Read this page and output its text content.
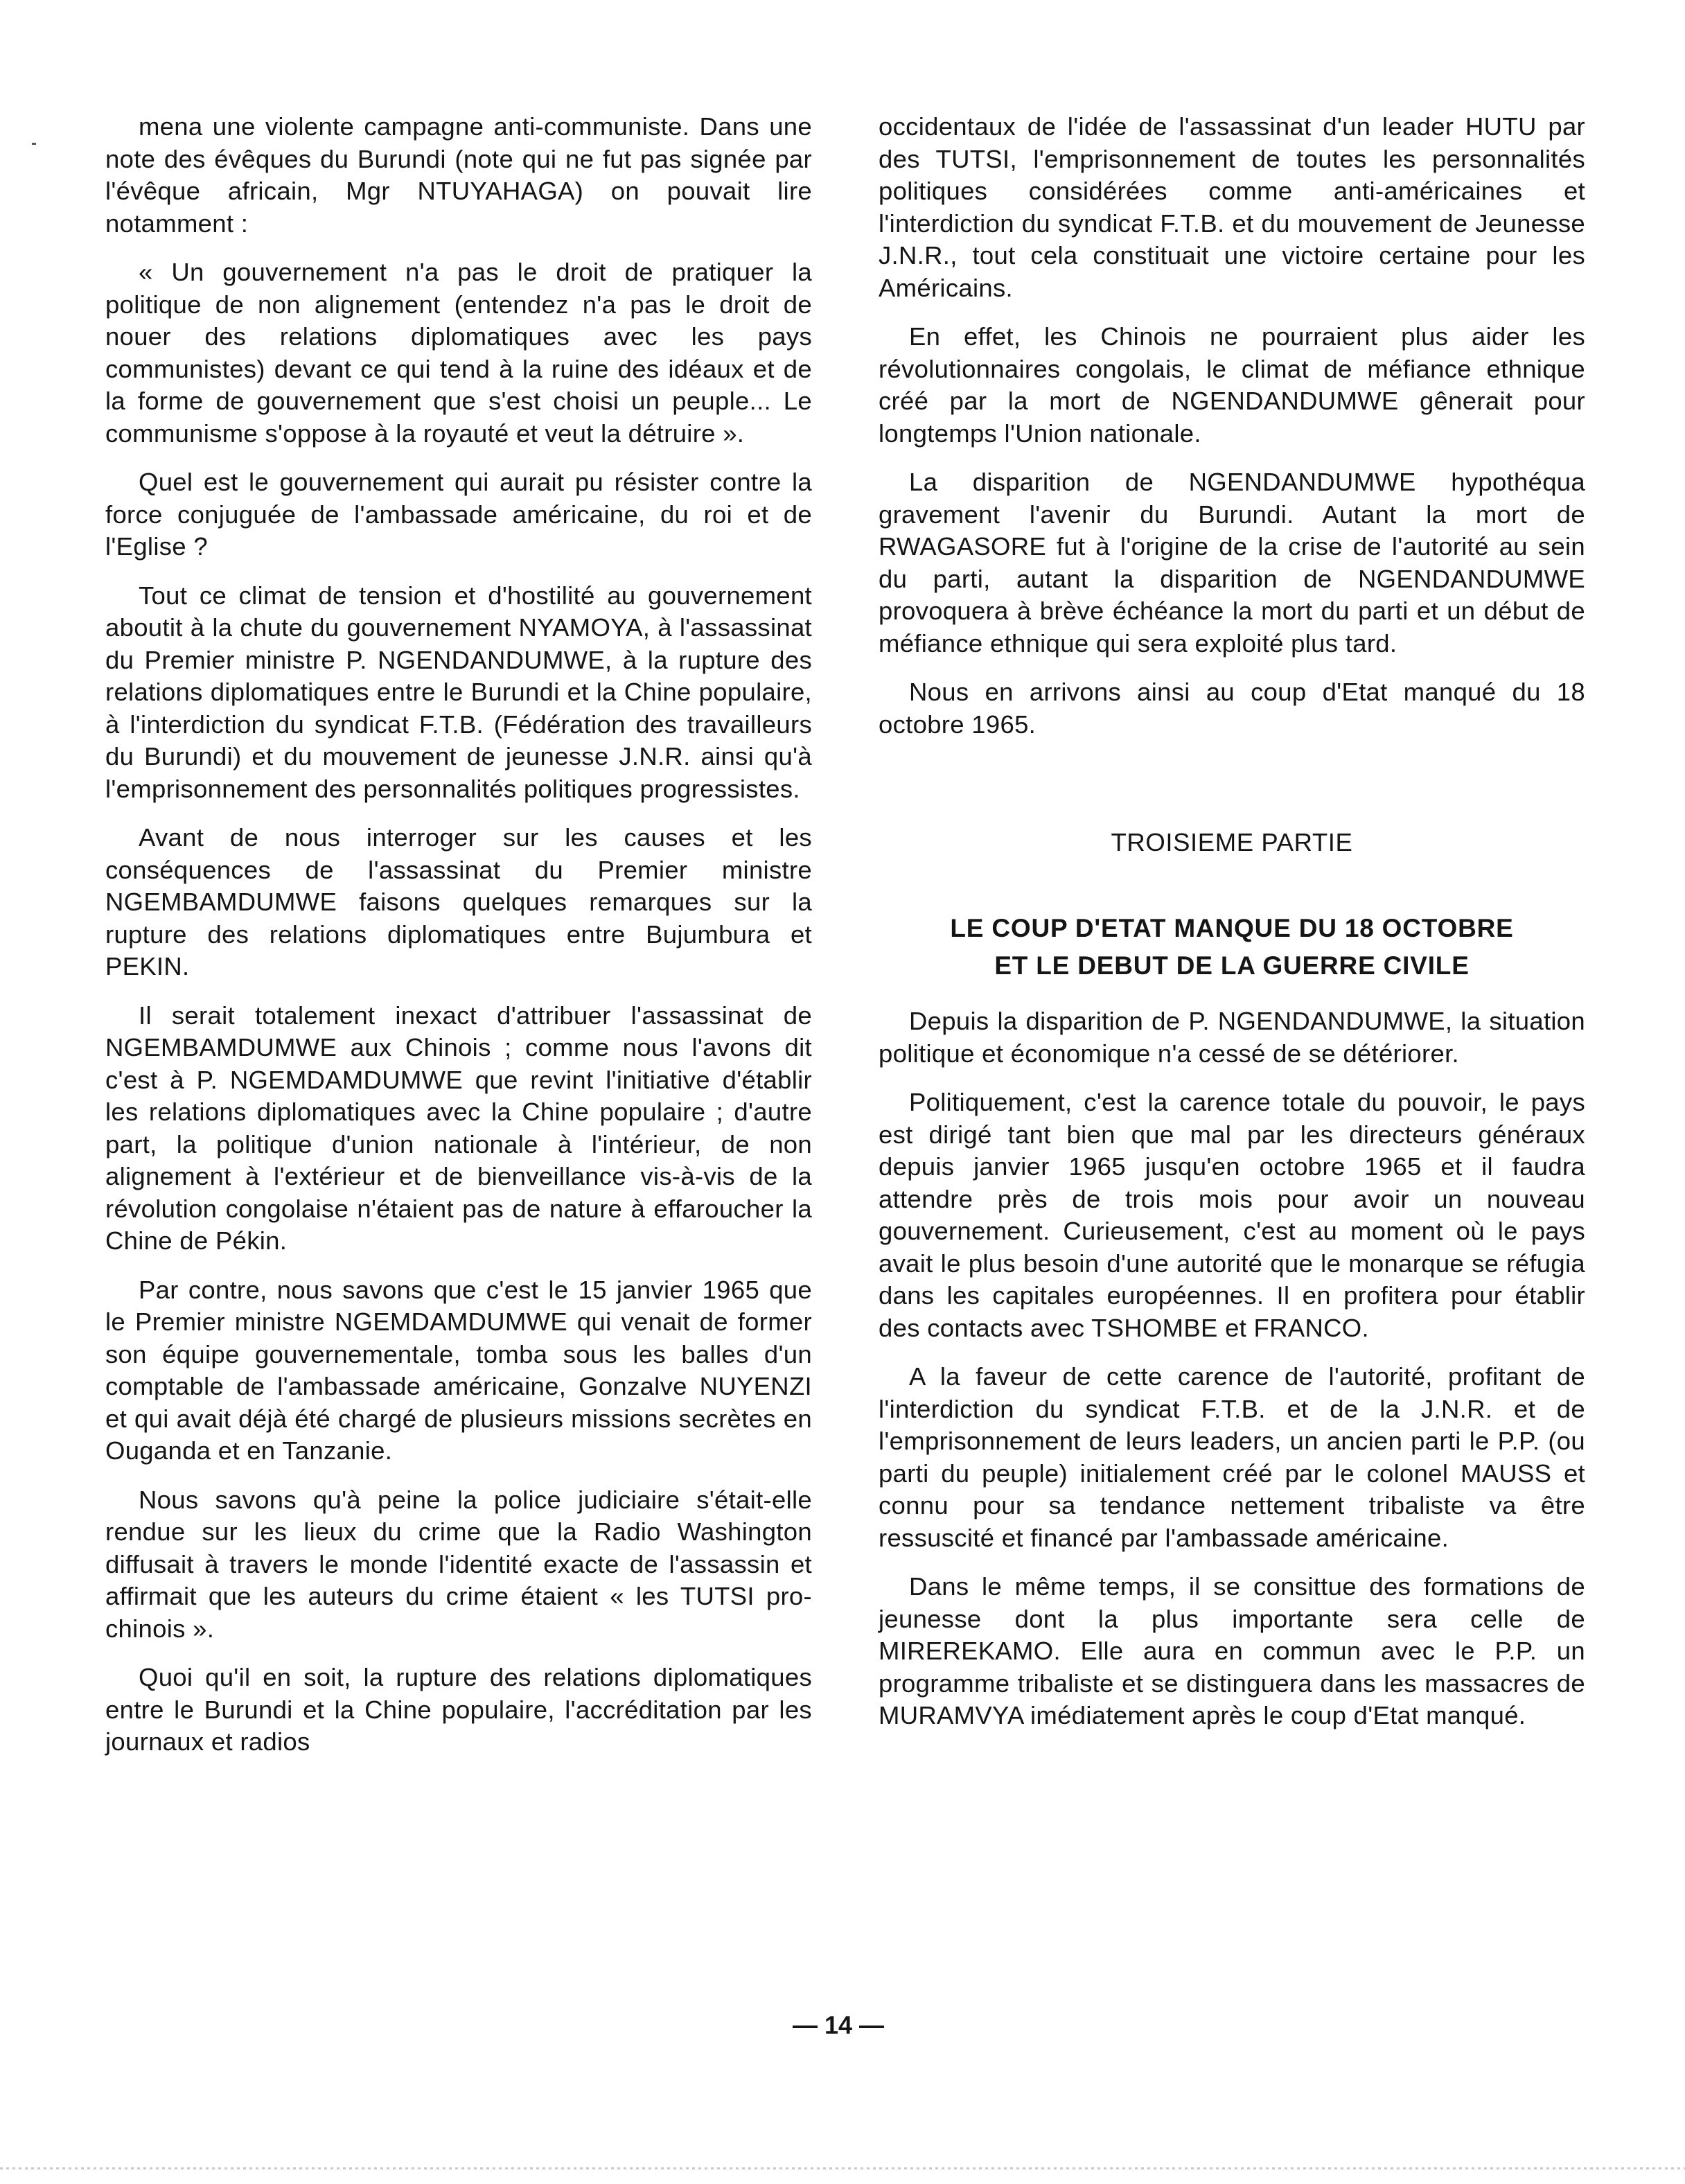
mena une violente campagne anti-communiste. Dans une note des évêques du Burundi (note qui ne fut pas signée par l'évêque africain, Mgr NTUYAHAGA) on pouvait lire notamment :

« Un gouvernement n'a pas le droit de pratiquer la politique de non alignement (entendez n'a pas le droit de nouer des relations diplomatiques avec les pays communistes) devant ce qui tend à la ruine des idéaux et de la forme de gouvernement que s'est choisi un peuple... Le communisme s'oppose à la royauté et veut la détruire ».

Quel est le gouvernement qui aurait pu résister contre la force conjuguée de l'ambassade américaine, du roi et de l'Eglise ?

Tout ce climat de tension et d'hostilité au gouvernement aboutit à la chute du gouvernement NYAMOYA, à l'assassinat du Premier ministre P. NGENDANDUMWE, à la rupture des relations diplomatiques entre le Burundi et la Chine populaire, à l'interdiction du syndicat F.T.B. (Fédération des travailleurs du Burundi) et du mouvement de jeunesse J.N.R. ainsi qu'à l'emprisonnement des personnalités politiques progressistes.

Avant de nous interroger sur les causes et les conséquences de l'assassinat du Premier ministre NGEMBAMDUMWE faisons quelques remarques sur la rupture des relations diplomatiques entre Bujumbura et PEKIN.

Il serait totalement inexact d'attribuer l'assassinat de NGEMBAMDUMWE aux Chinois ; comme nous l'avons dit c'est à P. NGEMDAMDUMWE que revint l'initiative d'établir les relations diplomatiques avec la Chine populaire ; d'autre part, la politique d'union nationale à l'intérieur, de non alignement à l'extérieur et de bienveillance vis-à-vis de la révolution congolaise n'étaient pas de nature à effaroucher la Chine de Pékin.

Par contre, nous savons que c'est le 15 janvier 1965 que le Premier ministre NGEMDAMDUMWE qui venait de former son équipe gouvernementale, tomba sous les balles d'un comptable de l'ambassade américaine, Gonzalve NUYENZI et qui avait déjà été chargé de plusieurs missions secrètes en Ouganda et en Tanzanie.

Nous savons qu'à peine la police judiciaire s'était-elle rendue sur les lieux du crime que la Radio Washington diffusait à travers le monde l'identité exacte de l'assassin et affirmait que les auteurs du crime étaient « les TUTSI pro-chinois ».

Quoi qu'il en soit, la rupture des relations diplomatiques entre le Burundi et la Chine populaire, l'accréditation par les journaux et radios

occidentaux de l'idée de l'assassinat d'un leader HUTU par des TUTSI, l'emprisonnement de toutes les personnalités politiques considérées comme anti-américaines et l'interdiction du syndicat F.T.B. et du mouvement de Jeunesse J.N.R., tout cela constituait une victoire certaine pour les Américains.

En effet, les Chinois ne pourraient plus aider les révolutionnaires congolais, le climat de méfiance ethnique créé par la mort de NGENDANDUMWE gênerait pour longtemps l'Union nationale.

La disparition de NGENDANDUMWE hypothéqua gravement l'avenir du Burundi. Autant la mort de RWAGASORE fut à l'origine de la crise de l'autorité au sein du parti, autant la disparition de NGENDANDUMWE provoquera à brève échéance la mort du parti et un début de méfiance ethnique qui sera exploité plus tard.

Nous en arrivons ainsi au coup d'Etat manqué du 18 octobre 1965.

TROISIEME PARTIE
LE COUP D'ETAT MANQUE DU 18 OCTOBRE
ET LE DEBUT DE LA GUERRE CIVILE

Depuis la disparition de P. NGENDANDUMWE, la situation politique et économique n'a cessé de se détériorer.

Politiquement, c'est la carence totale du pouvoir, le pays est dirigé tant bien que mal par les directeurs généraux depuis janvier 1965 jusqu'en octobre 1965 et il faudra attendre près de trois mois pour avoir un nouveau gouvernement. Curieusement, c'est au moment où le pays avait le plus besoin d'une autorité que le monarque se réfugia dans les capitales européennes. Il en profitera pour établir des contacts avec TSHOMBE et FRANCO.

A la faveur de cette carence de l'autorité, profitant de l'interdiction du syndicat F.T.B. et de la J.N.R. et de l'emprisonnement de leurs leaders, un ancien parti le P.P. (ou parti du peuple) initialement créé par le colonel MAUSS et connu pour sa tendance nettement tribaliste va être ressuscité et financé par l'ambassade américaine.

Dans le même temps, il se consittue des formations de jeunesse dont la plus importante sera celle de MIREREKAMO. Elle aura en commun avec le P.P. un programme tribaliste et se distinguera dans les massacres de MURAMVYA imédiatement après le coup d'Etat manqué.

— 14 —
